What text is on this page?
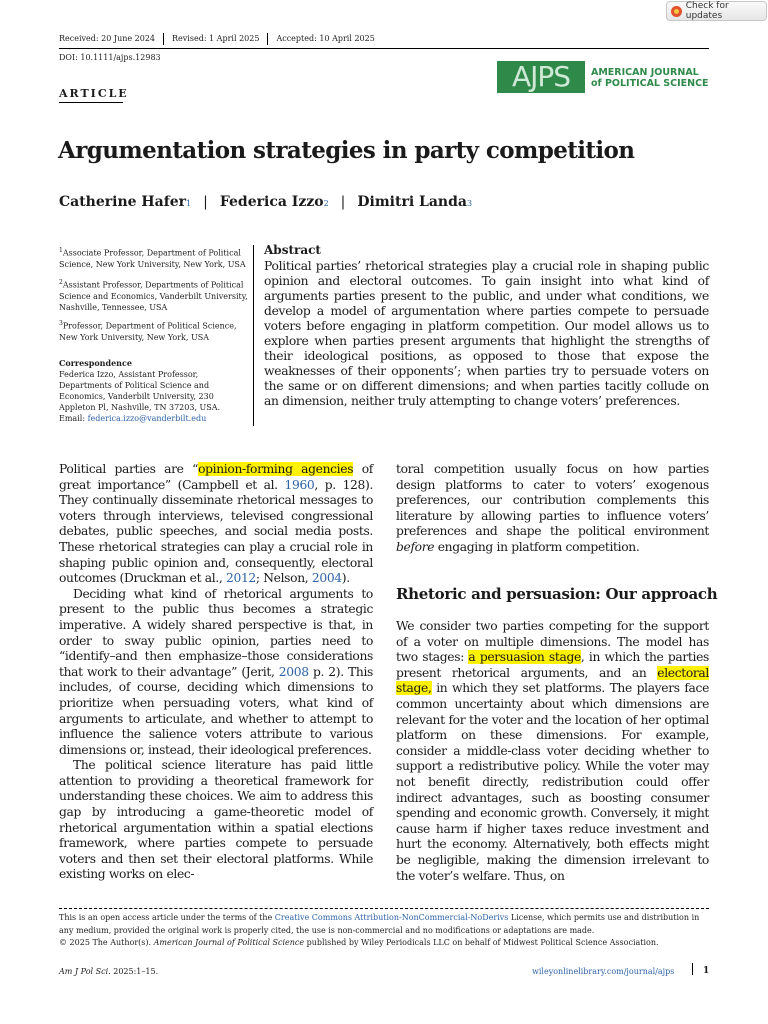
Check for updates
Received: 20 June 2024	Revised: 1 April 2025	Accepted: 10 April 2025
DOI: 10.1111/ajps.12983
ARTICLE
AJPS	AMERICAN JOURNAL
of POLITICAL SCIENCE
Argumentation strategies in party competition
Catherine Hafer 1 | Federica Izzo 2 | Dimitri Landa 3
$^1$Associate Professor, Department of Political Science, New York University, New York, USA
$^2$Assistant Professor, Departments of Political Science and Economics, Vanderbilt University, Nashville, Tennessee, USA
$^3$Professor, Department of Political Science, New York University, New York, USA
Correspondence
Federica Izzo, Assistant Professor, Departments of Political Science and Economics, Vanderbilt University, 230 Appleton Pl, Nashville, TN 37203, USA.
Email: federica.izzo@vanderbilt.edu
Abstract
Political parties’ rhetorical strategies play a crucial role in shaping public opinion and electoral outcomes. To gain insight into what kind of arguments parties present to the public, and under what conditions, we develop a model of argumentation where parties compete to persuade voters before engaging in platform competition. Our model allows us to explore when parties present arguments that highlight the strengths of their ideological positions, as opposed to those that expose the weaknesses of their opponents’; when parties try to persuade voters on the same or on different dimensions; and when parties tacitly collude on an dimension, neither truly attempting to change voters’ preferences.

Political parties are “opinion-forming agencies of great importance” (Campbell et al. 1960, p. 128). They continually disseminate rhetorical messages to voters through interviews, televised congressional debates, public speeches, and social media posts. These rhetorical strategies can play a crucial role in shaping public opinion and, consequently, electoral outcomes (Druckman et al., 2012; Nelson, 2004).

Deciding what kind of rhetorical arguments to present to the public thus becomes a strategic imperative. A widely shared perspective is that, in order to sway public opinion, parties need to “identify–and then emphasize–those considerations that work to their advantage” (Jerit, 2008 p. 2). This includes, of course, deciding which dimensions to prioritize when persuading voters, what kind of arguments to articulate, and whether to attempt to influence the salience voters attribute to various dimensions or, instead, their ideological preferences.

The political science literature has paid little attention to providing a theoretical framework for understanding these choices. We aim to address this gap by introducing a game-theoretic model of rhetorical argumentation within a spatial elections framework, where parties compete to persuade voters and then set their electoral platforms. While existing works on elec-

toral competition usually focus on how parties design platforms to cater to voters’ exogenous preferences, our contribution complements this literature by allowing parties to influence voters’ preferences and shape the political environment before engaging in platform competition.

Rhetoric and persuasion: Our approach

We consider two parties competing for the support of a voter on multiple dimensions. The model has two stages: a persuasion stage, in which the parties present rhetorical arguments, and an electoral stage, in which they set platforms. The players face common uncertainty about which dimensions are relevant for the voter and the location of her optimal platform on these dimensions. For example, consider a middle-class voter deciding whether to support a redistributive policy. While the voter may not benefit directly, redistribution could offer indirect advantages, such as boosting consumer spending and economic growth. Conversely, it might cause harm if higher taxes reduce investment and hurt the economy. Alternatively, both effects might be negligible, making the dimension irrelevant to the voter’s welfare. Thus, on

This is an open access article under the terms of the Creative Commons Attribution-NonCommercial-NoDerivs License, which permits use and distribution in any medium, provided the original work is properly cited, the use is non-commercial and no modifications or adaptations are made.
© 2025 The Author(s). American Journal of Political Science published by Wiley Periodicals LLC on behalf of Midwest Political Science Association.
Am J Pol Sci. 2025:1–15.	wileyonlinelibrary.com/journal/ajps	1
